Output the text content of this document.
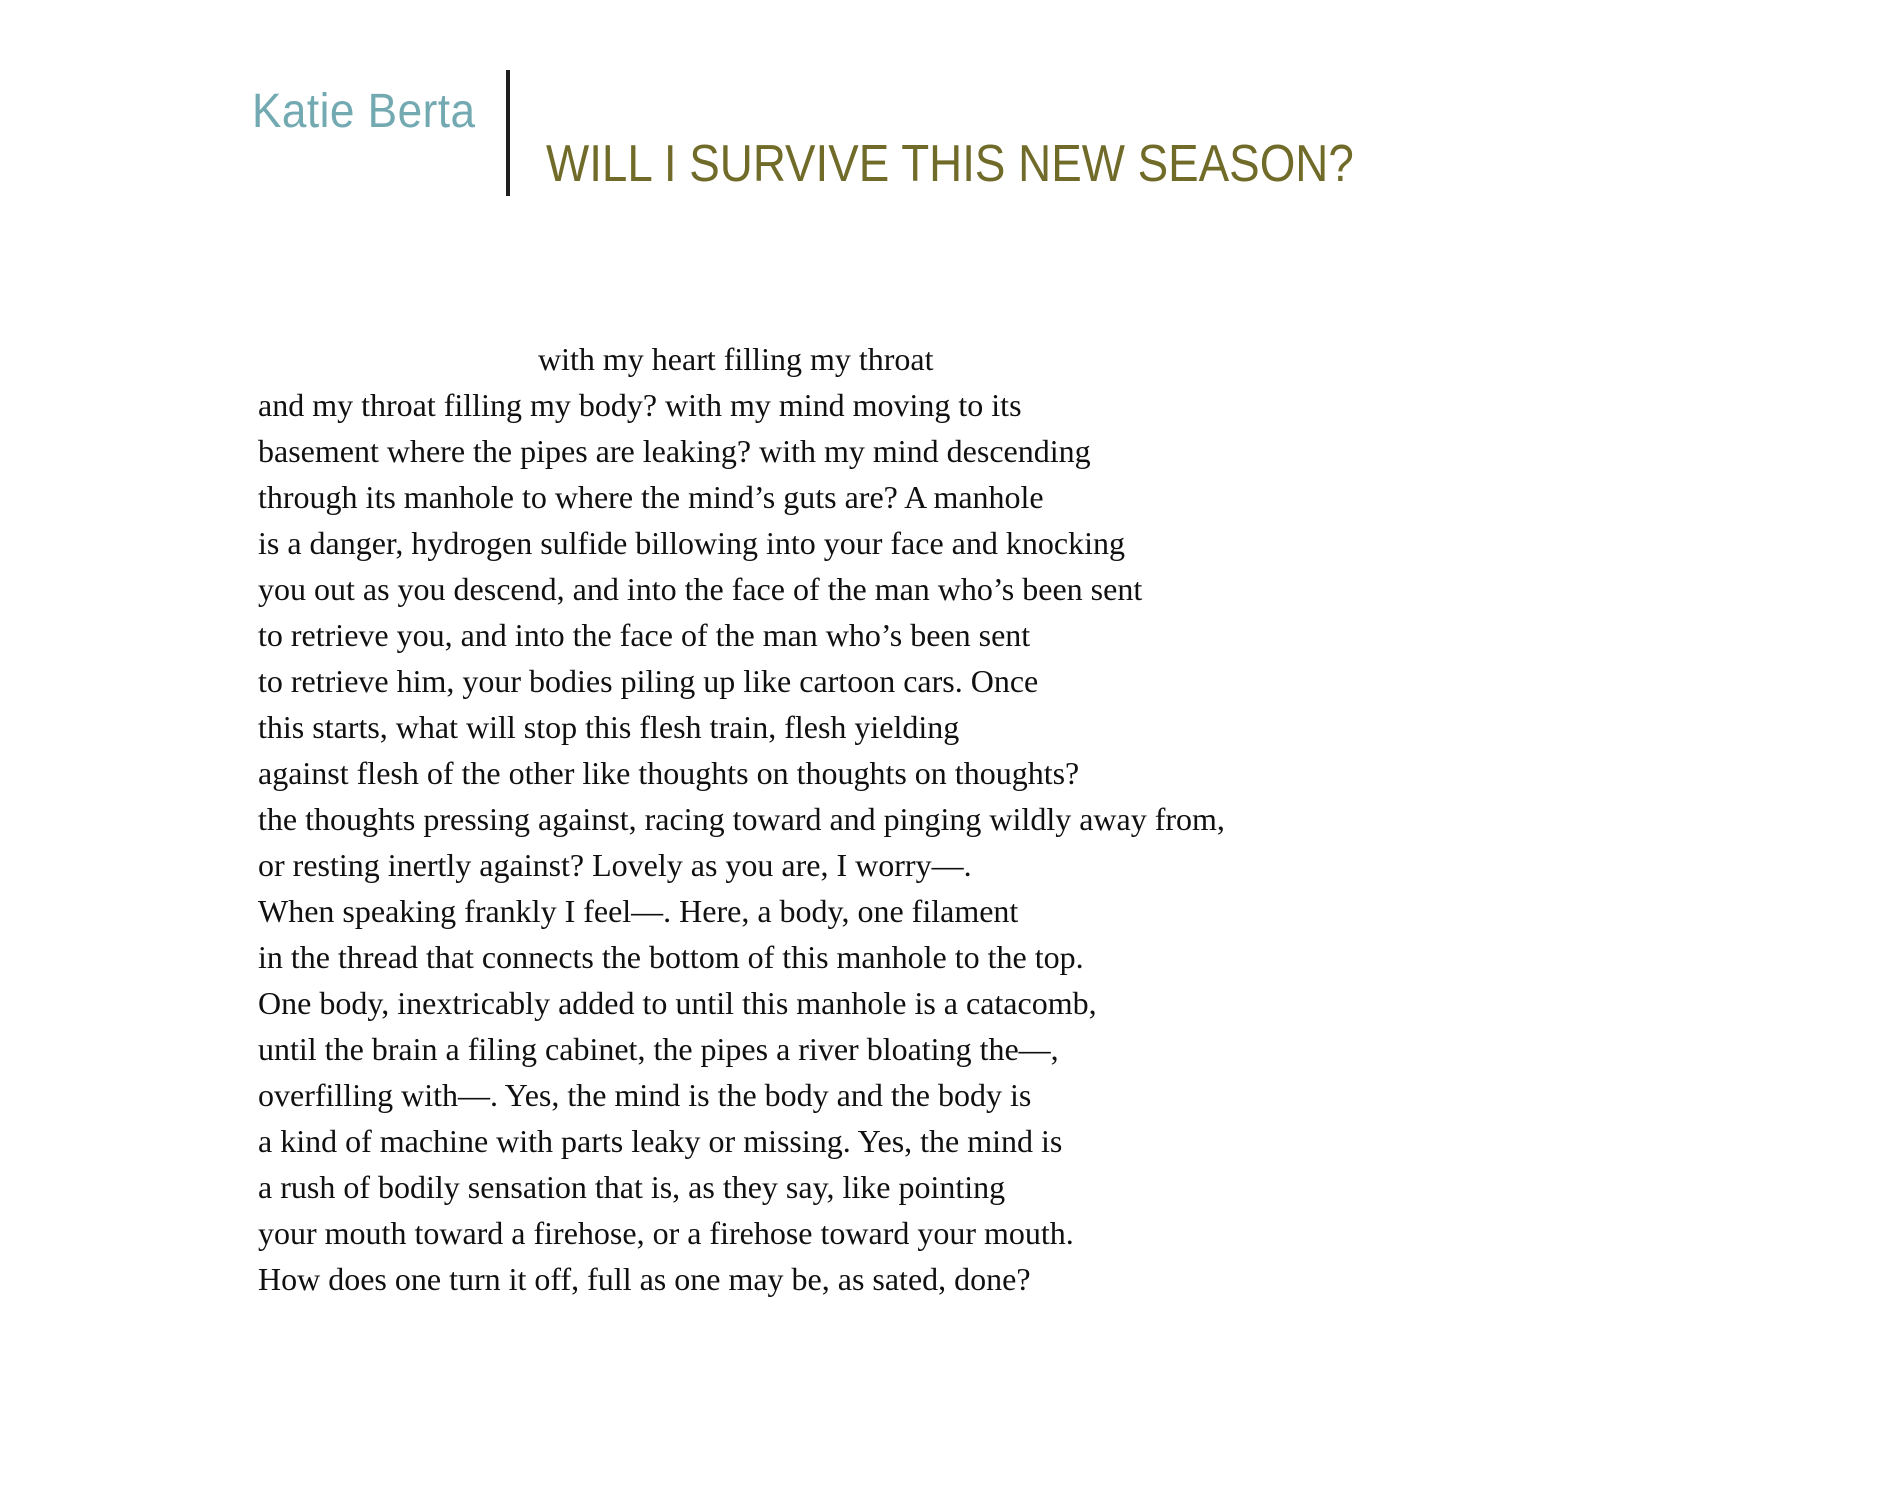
Katie Berta
WILL I SURVIVE THIS NEW SEASON?
with my heart filling my throat
and my throat filling my body? with my mind moving to its
basement where the pipes are leaking? with my mind descending
through its manhole to where the mind’s guts are? A manhole
is a danger, hydrogen sulfide billowing into your face and knocking
you out as you descend, and into the face of the man who’s been sent
to retrieve you, and into the face of the man who’s been sent
to retrieve him, your bodies piling up like cartoon cars. Once
this starts, what will stop this flesh train, flesh yielding
against flesh of the other like thoughts on thoughts on thoughts?
the thoughts pressing against, racing toward and pinging wildly away from,
or resting inertly against? Lovely as you are, I worry—.
When speaking frankly I feel—. Here, a body, one filament
in the thread that connects the bottom of this manhole to the top.
One body, inextricably added to until this manhole is a catacomb,
until the brain a filing cabinet, the pipes a river bloating the—,
overfilling with—. Yes, the mind is the body and the body is
a kind of machine with parts leaky or missing. Yes, the mind is
a rush of bodily sensation that is, as they say, like pointing
your mouth toward a firehose, or a firehose toward your mouth.
How does one turn it off, full as one may be, as sated, done?
